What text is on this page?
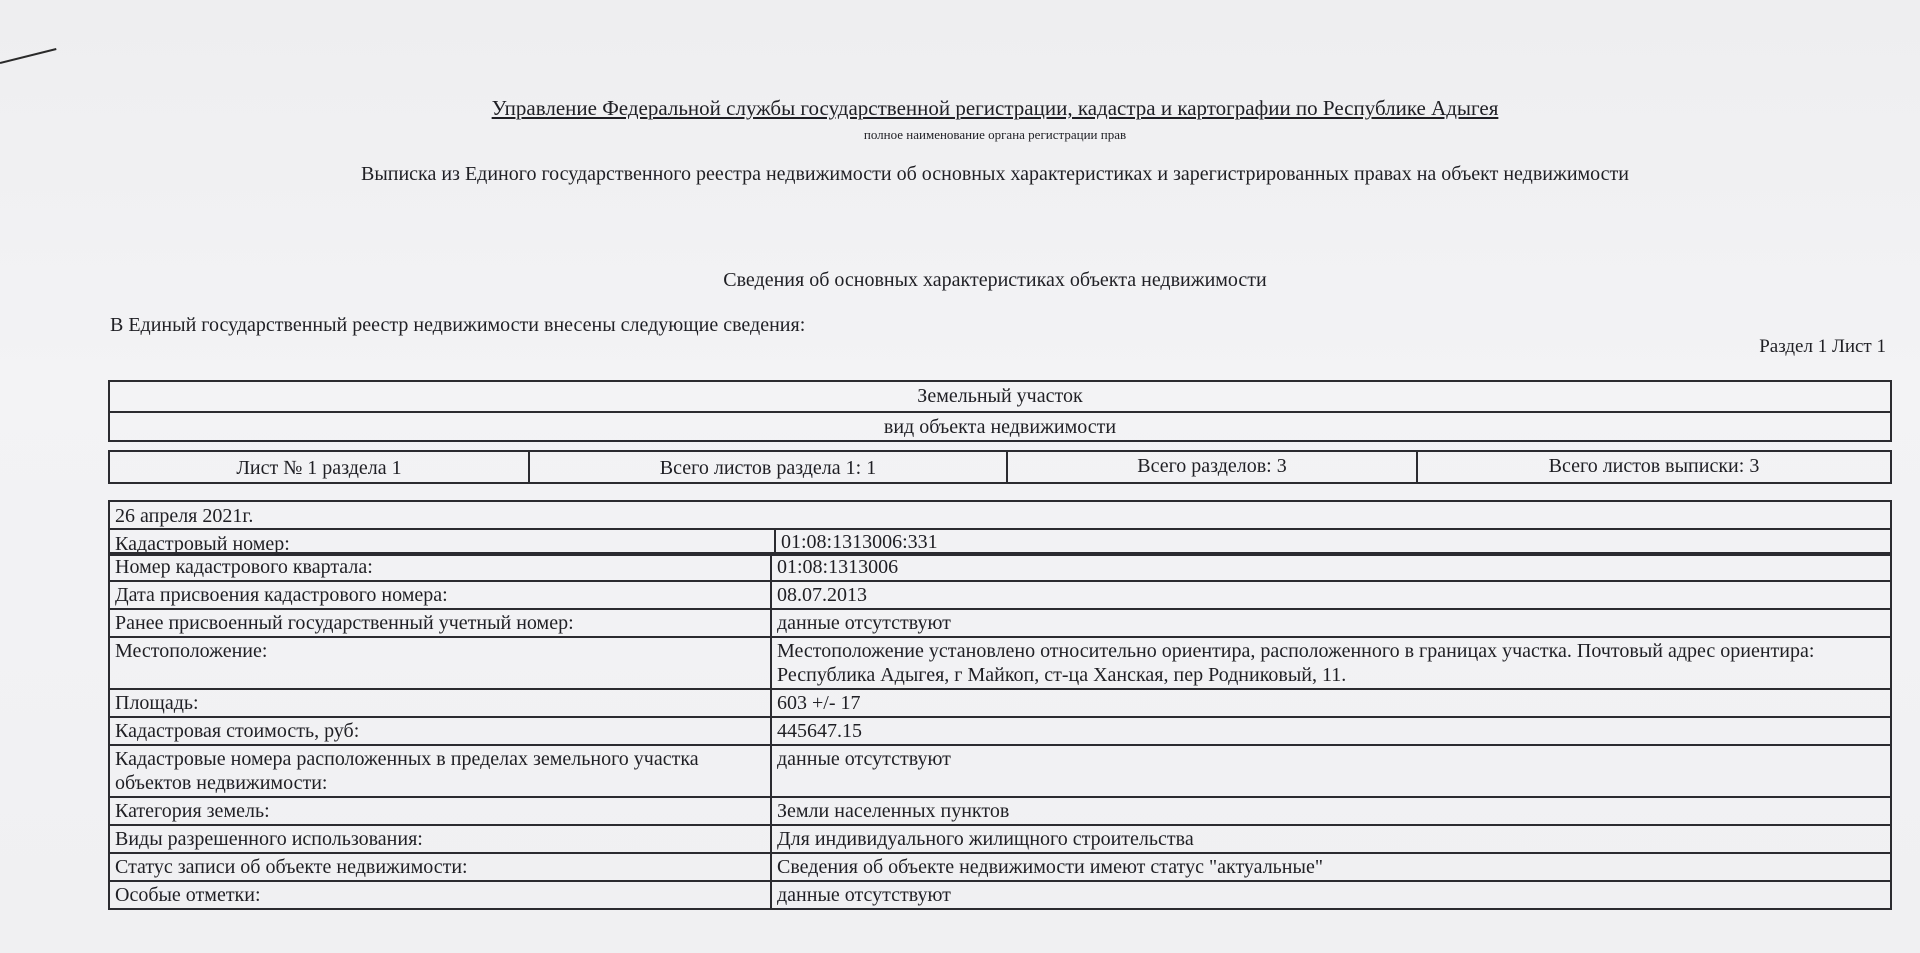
Управление Федеральной службы государственной регистрации, кадастра и картографии по Республике Адыгея
полное наименование органа регистрации прав
Выписка из Единого государственного реестра недвижимости об основных характеристиках и зарегистрированных правах на объект недвижимости
Сведения об основных характеристиках объекта недвижимости
В Единый государственный реестр недвижимости внесены следующие сведения:
Раздел 1 Лист 1
Земельный участок
вид объекта недвижимости
Лист № 1 раздела 1	Всего листов раздела 1: 1	Всего разделов: 3	Всего листов выписки: 3
26 апреля 2021г.
Кадастровый номер:	01:08:1313006:331
Номер кадастрового квартала:	01:08:1313006
Дата присвоения кадастрового номера:	08.07.2013
Ранее присвоенный государственный учетный номер:	данные отсутствуют
Местоположение:	Местоположение установлено относительно ориентира, расположенного в границах участка. Почтовый адрес ориентира: Республика Адыгея, г Майкоп, ст-ца Ханская, пер Родниковый, 11.
Площадь:	603 +/- 17
Кадастровая стоимость, руб:	445647.15
Кадастровые номера расположенных в пределах земельного участка объектов недвижимости:	данные отсутствуют
Категория земель:	Земли населенных пунктов
Виды разрешенного использования:	Для индивидуального жилищного строительства
Статус записи об объекте недвижимости:	Сведения об объекте недвижимости имеют статус "актуальные"
Особые отметки:	данные отсутствуют
